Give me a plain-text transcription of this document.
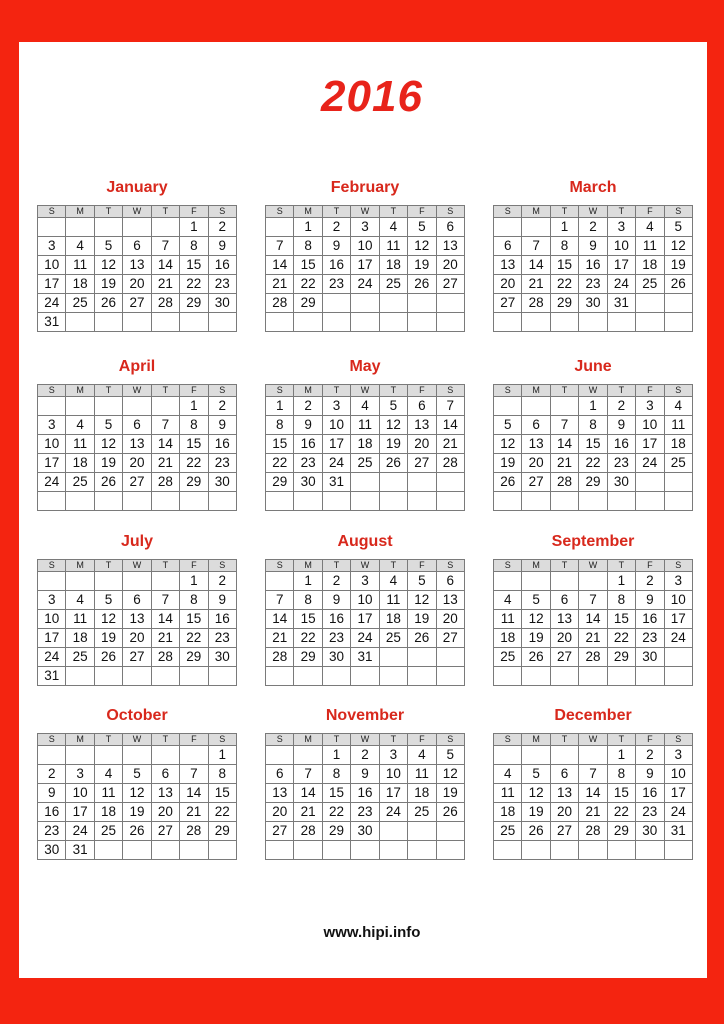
2016
January
S	M	T	W	T	F	S
					1	2
3	4	5	6	7	8	9
10	11	12	13	14	15	16
17	18	19	20	21	22	23
24	25	26	27	28	29	30
31						
February
S	M	T	W	T	F	S
	1	2	3	4	5	6
7	8	9	10	11	12	13
14	15	16	17	18	19	20
21	22	23	24	25	26	27
28	29					

March
S	M	T	W	T	F	S
		1	2	3	4	5
6	7	8	9	10	11	12
13	14	15	16	17	18	19
20	21	22	23	24	25	26
27	28	29	30	31		

April
S	M	T	W	T	F	S
					1	2
3	4	5	6	7	8	9
10	11	12	13	14	15	16
17	18	19	20	21	22	23
24	25	26	27	28	29	30

May
S	M	T	W	T	F	S
1	2	3	4	5	6	7
8	9	10	11	12	13	14
15	16	17	18	19	20	21
22	23	24	25	26	27	28
29	30	31				

June
S	M	T	W	T	F	S
			1	2	3	4
5	6	7	8	9	10	11
12	13	14	15	16	17	18
19	20	21	22	23	24	25
26	27	28	29	30		

July
S	M	T	W	T	F	S
					1	2
3	4	5	6	7	8	9
10	11	12	13	14	15	16
17	18	19	20	21	22	23
24	25	26	27	28	29	30
31						
August
S	M	T	W	T	F	S
	1	2	3	4	5	6
7	8	9	10	11	12	13
14	15	16	17	18	19	20
21	22	23	24	25	26	27
28	29	30	31			

September
S	M	T	W	T	F	S
				1	2	3
4	5	6	7	8	9	10
11	12	13	14	15	16	17
18	19	20	21	22	23	24
25	26	27	28	29	30	

October
S	M	T	W	T	F	S
						1
2	3	4	5	6	7	8
9	10	11	12	13	14	15
16	17	18	19	20	21	22
23	24	25	26	27	28	29
30	31					
November
S	M	T	W	T	F	S
		1	2	3	4	5
6	7	8	9	10	11	12
13	14	15	16	17	18	19
20	21	22	23	24	25	26
27	28	29	30			

December
S	M	T	W	T	F	S
				1	2	3
4	5	6	7	8	9	10
11	12	13	14	15	16	17
18	19	20	21	22	23	24
25	26	27	28	29	30	31

www.hipi.info
